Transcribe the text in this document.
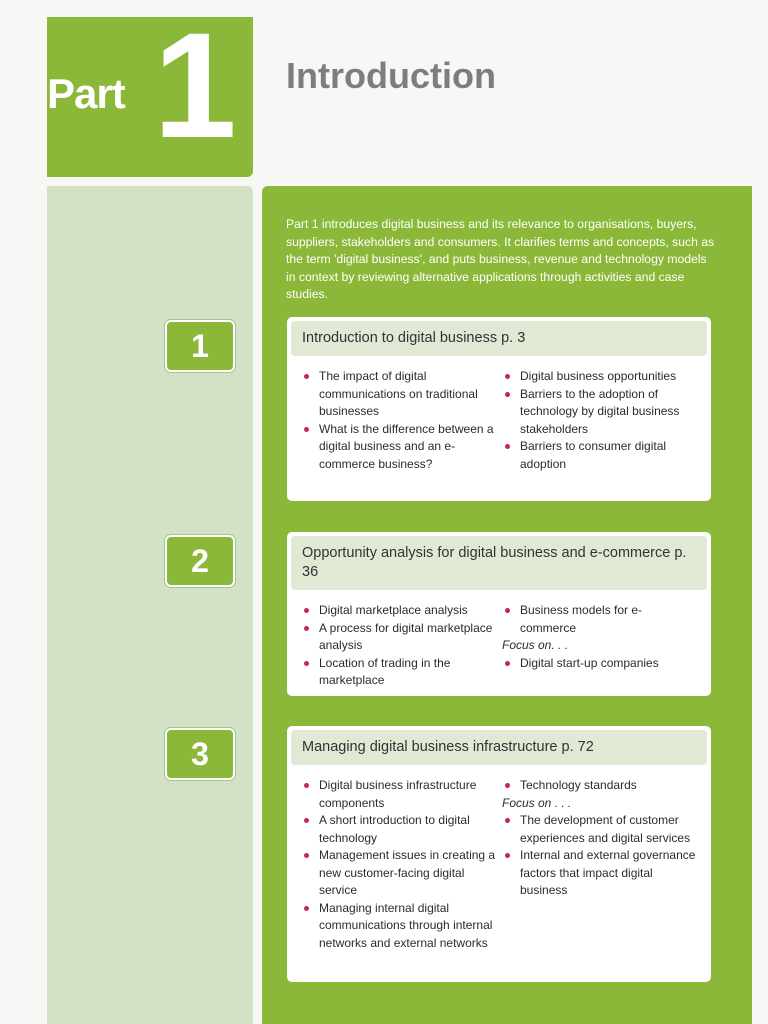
Part 1 Introduction
Part 1 introduces digital business and its relevance to organisations, buyers, suppliers, stakeholders and consumers. It clarifies terms and concepts, such as the term 'digital business', and puts business, revenue and technology models in context by reviewing alternative applications through activities and case studies.
1	Introduction to digital business p. 3
The impact of digital communications on traditional businesses
What is the difference between a digital business and an e-commerce business?
Digital business opportunities
Barriers to the adoption of technology by digital business stakeholders
Barriers to consumer digital adoption
2	Opportunity analysis for digital business and e-commerce p. 36
Digital marketplace analysis
A process for digital marketplace analysis
Location of trading in the marketplace
Business models for e-commerce
Focus on. . .
Digital start-up companies
3	Managing digital business infrastructure p. 72
Digital business infrastructure components
A short introduction to digital technology
Management issues in creating a new customer-facing digital service
Managing internal digital communications through internal networks and external networks
Technology standards
Focus on . . .
The development of customer experiences and digital services
Internal and external governance factors that impact digital business
